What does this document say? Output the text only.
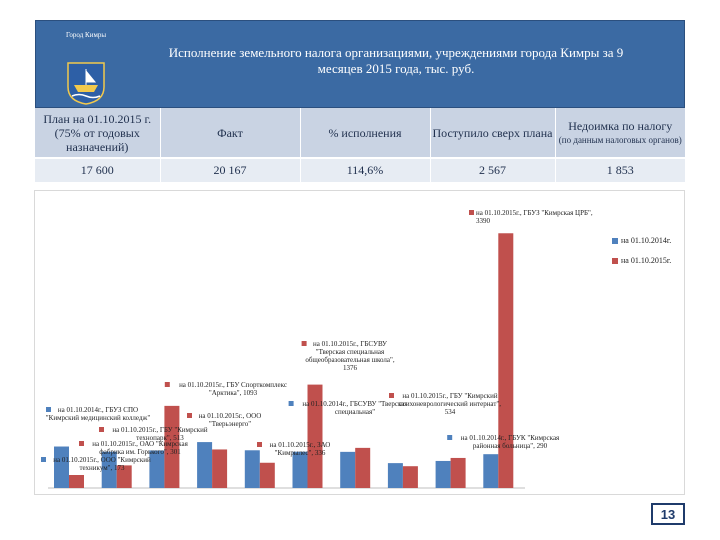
Город Кимры
Исполнение земельного налога организациями, учреждениями города Кимры за 9 месяцев 2015 года, тыс. руб.
План на 01.10.2015 г. (75% от годовых назначений)	Факт	% исполнения	Поступило сверх плана	Недоимка по налогу
(по данным налоговых органов)

17 600	20 167	114,6%	2 567	1 853
на 01.10.2015г., ГБУЗ "Кимрская ЦРБ", 3390
на 01.10.2015г., ГБСУВУ "Тверская специальная общеобразовательная школа", 1376
на 01.10.2015г., ГБУ Спорткомплекс "Арктика", 1093	на 01.10.2015г., ГБУ "Кимрский психоневрологический интернат", 534
на 01.10.2014г., ГБСУВУ "Тверская специальная"
на 01.10.2014г., ГБУЗ СПО "Кимрский медицинский колледж"	на 01.10.2015г., ООО "Тверьэнерго"
на 01.10.2015г., ГБУ "Кимрский технопарк", 513
на 01.10.2015г., ОАО "Кимрская фабрика им. Горького", 301
на 01.10.2015г., ООО "Кимрский техникум", 173
на 01.10.2015г., ЗАО "Кимрылес", 336
на 01.10.2014г., ГБУК "Кимрская районная больница", 290
на 01.10.2014г.
на 01.10.2015г.
13
